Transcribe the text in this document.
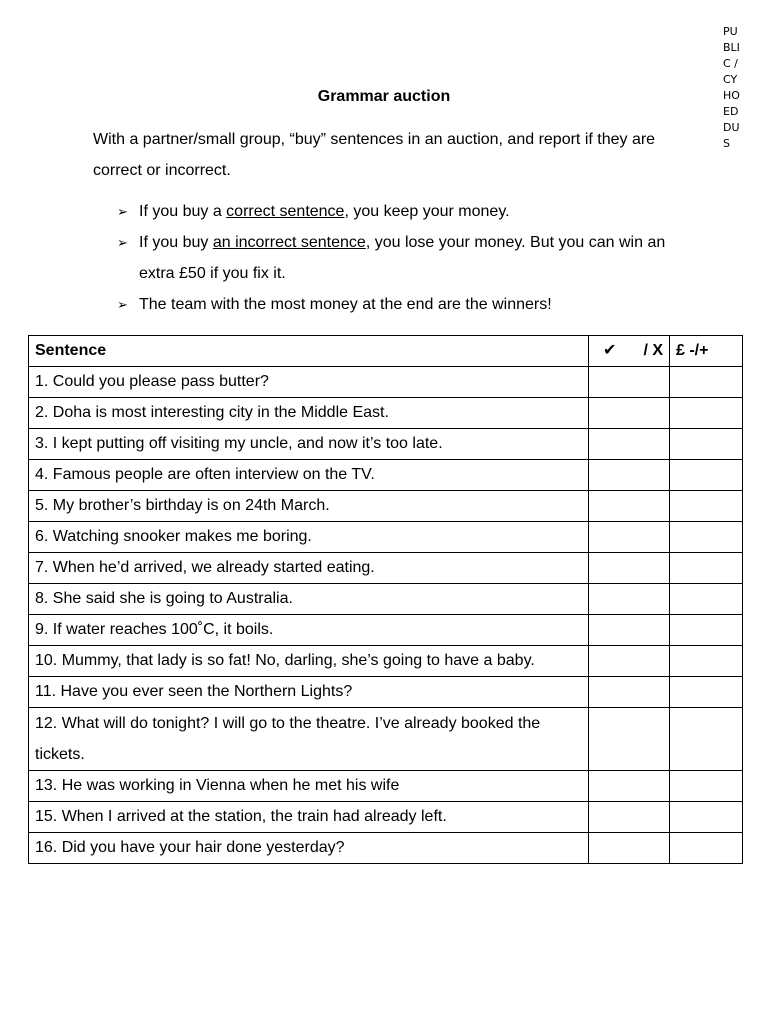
PU
BLI
C /
CY
HO
ED
DU
S
Grammar auction
With a partner/small group, “buy” sentences in an auction, and report if they are correct or incorrect.
➢ If you buy a correct sentence, you keep your money.
➢ If you buy an incorrect sentence, you lose your money. But you can win an extra £50 if you fix it.
➢ The team with the most money at the end are the winners!
Sentence	✔ / X	£ -/+
1. Could you please pass butter?		
2. Doha is most interesting city in the Middle East.		
3. I kept putting off visiting my uncle, and now it’s too late.		
4. Famous people are often interview on the TV.		
5. My brother’s birthday is on 24th March.		
6. Watching snooker makes me boring.		
7. When he’d arrived, we already started eating.		
8. She said she is going to Australia.		
9. If water reaches 100˚C, it boils.		
10. Mummy, that lady is so fat! No, darling, she’s going to have a baby.		
11. Have you ever seen the Northern Lights?		
12. What will do tonight? I will go to the theatre. I’ve already booked the tickets.		
13. He was working in Vienna when he met his wife		
15. When I arrived at the station, the train had already left.		
16. Did you have your hair done yesterday?		
